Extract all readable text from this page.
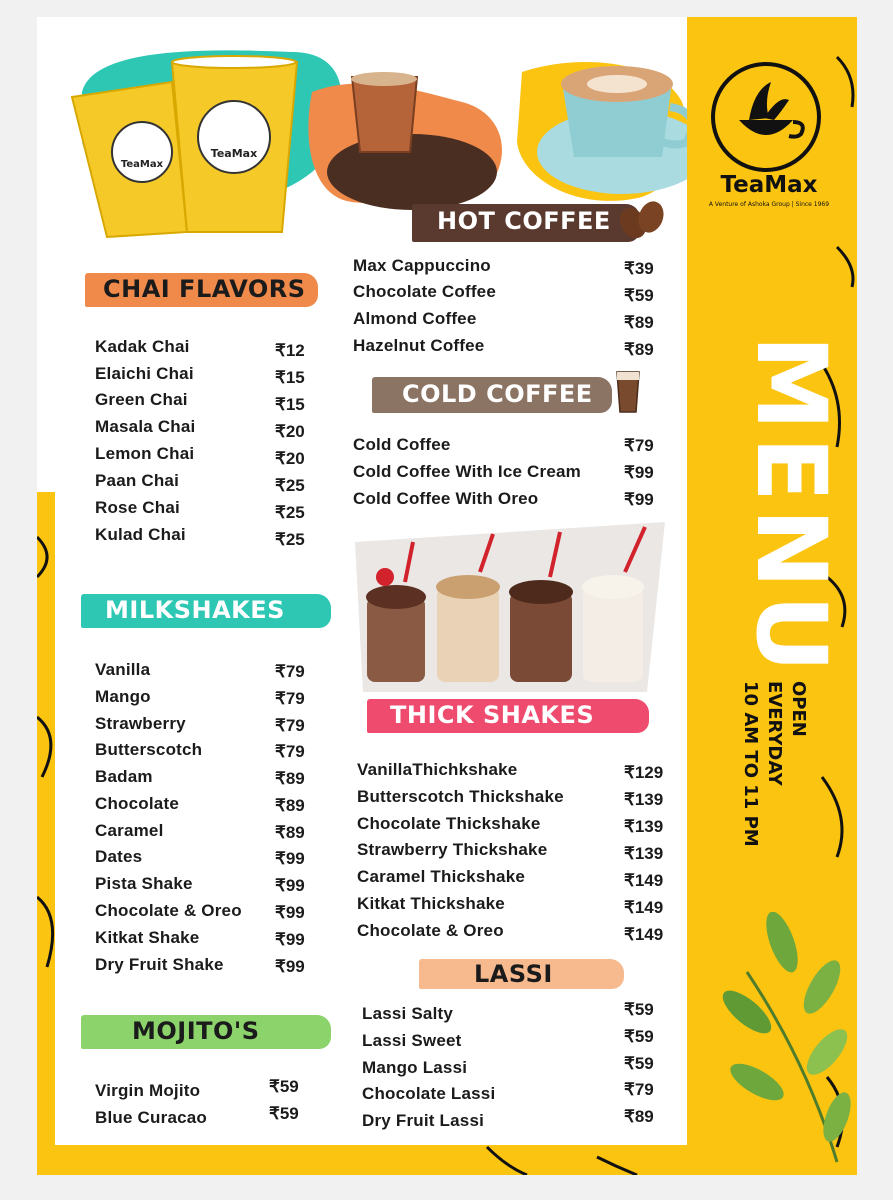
TeaMax
TeaMax
TeaMax
A Venture of Ashoka Group | Since 1969
MENU
OPEN
EVERYDAY
10 AM TO 11 PM
HOT COFFEE
CHAI FLAVORS
COLD COFFEE
MILKSHAKES
THICK SHAKES
LASSI
MOJITO'S
Kadak Chai	₹12
Elaichi Chai	₹15
Green Chai	₹15
Masala Chai	₹20
Lemon Chai	₹20
Paan Chai	₹25
Rose Chai	₹25
Kulad Chai	₹25
Vanilla	₹79
Mango	₹79
Strawberry	₹79
Butterscotch	₹79
Badam	₹89
Chocolate	₹89
Caramel	₹89
Dates	₹99
Pista Shake	₹99
Chocolate & Oreo ₹99
Kitkat Shake	₹99
Dry Fruit Shake	₹99
Virgin Mojito	₹59
Blue Curacao	₹59
Max Cappuccino	₹39
Chocolate Coffee	₹59
Almond Coffee	₹89
Hazelnut Coffee	₹89
Cold Coffee	₹79
Cold Coffee With Ice Cream	₹99
Cold Coffee With Oreo	₹99
VanillaThichkshake	₹129
Butterscotch Thickshake	₹139
Chocolate Thickshake	₹139
Strawberry Thickshake	₹139
Caramel Thickshake	₹149
Kitkat Thickshake	₹149
Chocolate & Oreo	₹149
Lassi Salty	₹59
Lassi Sweet	₹59
Mango Lassi	₹59
Chocolate Lassi	₹79
Dry Fruit Lassi	₹89
